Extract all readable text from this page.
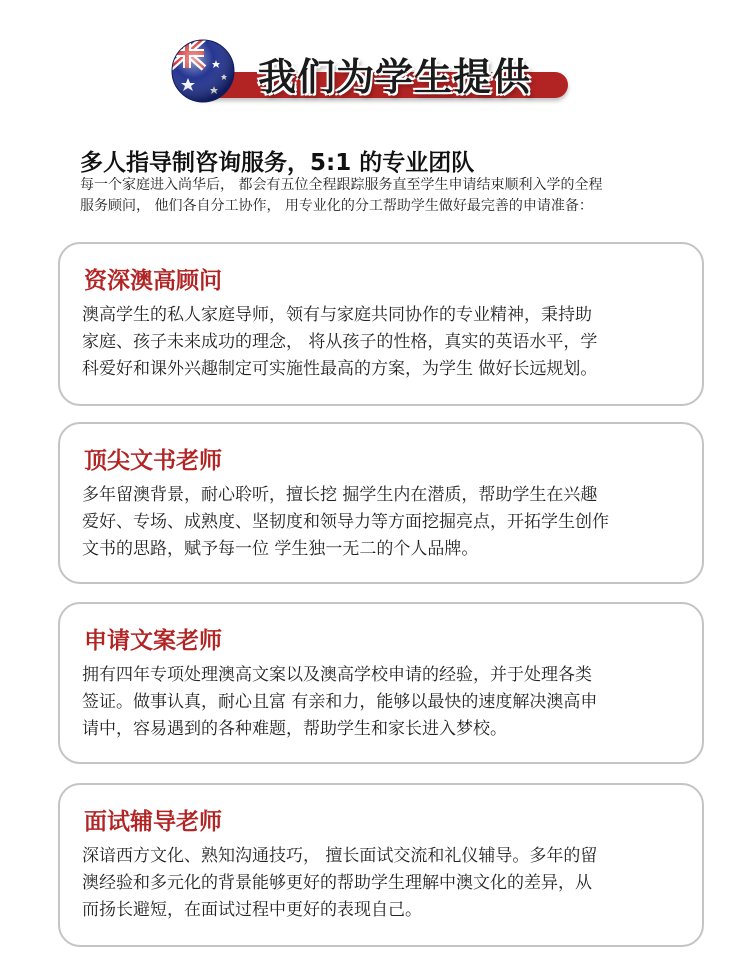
我们为学生提供
多人指导制咨询服务，5:1 的专业团队
每一个家庭进入尚华后， 都会有五位全程跟踪服务直至学生申请结束顺利入学的全程
服务顾问， 他们各自分工协作， 用专业化的分工帮助学生做好最完善的申请准备：
资深澳高顾问
澳高学生的私人家庭导师，领有与家庭共同协作的专业精神，秉持助
家庭、孩子未来成功的理念， 将从孩子的性格，真实的英语水平，学
科爱好和课外兴趣制定可实施性最高的方案，为学生 做好长远规划。
顶尖文书老师
多年留澳背景，耐心聆听，擅长挖 掘学生内在潜质，帮助学生在兴趣
爱好、专场、成熟度、坚韧度和领导力等方面挖掘亮点，开拓学生创作
文书的思路，赋予每一位 学生独一无二的个人品牌。
申请文案老师
拥有四年专项处理澳高文案以及澳高学校申请的经验，并于处理各类
签证。做事认真，耐心且富 有亲和力，能够以最快的速度解决澳高申
请中，容易遇到的各种难题，帮助学生和家长进入梦校。
面试辅导老师
深谙西方文化、熟知沟通技巧， 擅长面试交流和礼仪辅导。多年的留
澳经验和多元化的背景能够更好的帮助学生理解中澳文化的差异，从
而扬长避短，在面试过程中更好的表现自己。
